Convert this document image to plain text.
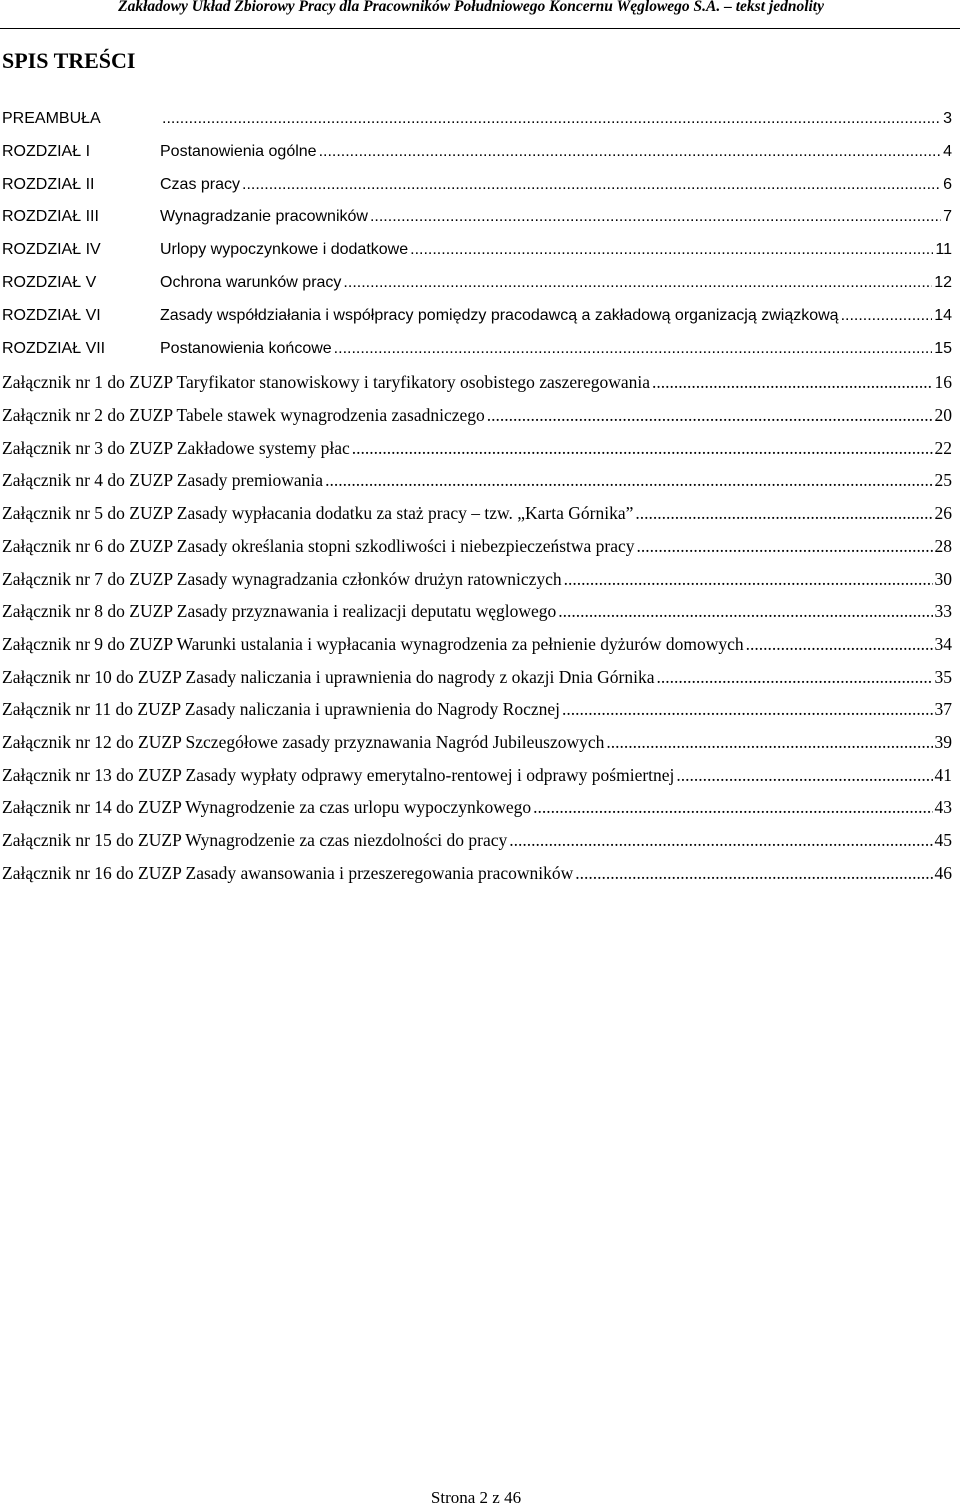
Zakładowy Układ Zbiorowy Pracy dla Pracowników Południowego Koncernu Węglowego S.A. – tekst jednolity
SPIS TREŚCI
PREAMBUŁA .....	3
ROZDZIAŁ I	Postanowienia ogólne .....	4
ROZDZIAŁ II	Czas pracy .....	6
ROZDZIAŁ III	Wynagradzanie pracowników .....	7
ROZDZIAŁ IV	Urlopy wypoczynkowe i dodatkowe .....	11
ROZDZIAŁ V	Ochrona warunków pracy .....	12
ROZDZIAŁ VI	Zasady współdziałania i współpracy pomiędzy pracodawcą a zakładową organizacją związkową .....	14
ROZDZIAŁ VII	Postanowienia końcowe .....	15
Załącznik nr 1 do ZUZP Taryfikator stanowiskowy i taryfikatory osobistego zaszeregowania .....	16
Załącznik nr 2 do ZUZP Tabele stawek wynagrodzenia zasadniczego .....	20
Załącznik nr 3 do ZUZP Zakładowe systemy płac .....	22
Załącznik nr 4 do ZUZP Zasady premiowania .....	25
Załącznik nr 5 do ZUZP Zasady wypłacania dodatku za staż pracy – tzw. „Karta Górnika” .....	26
Załącznik nr 6 do ZUZP Zasady określania stopni szkodliwości i niebezpieczeństwa pracy .....	28
Załącznik nr 7 do ZUZP Zasady wynagradzania członków drużyn ratowniczych .....	30
Załącznik nr 8 do ZUZP Zasady przyznawania i realizacji deputatu węglowego .....	33
Załącznik nr 9 do ZUZP Warunki ustalania i wypłacania wynagrodzenia za pełnienie dyżurów domowych .....	34
Załącznik nr 10 do ZUZP Zasady naliczania i uprawnienia do nagrody z okazji Dnia Górnika .....	35
Załącznik nr 11 do ZUZP Zasady naliczania i uprawnienia do Nagrody Rocznej .....	37
Załącznik nr 12 do ZUZP Szczegółowe zasady przyznawania Nagród Jubileuszowych .....	39
Załącznik nr 13 do ZUZP Zasady wypłaty odprawy emerytalno-rentowej i odprawy pośmiertnej .....	41
Załącznik nr 14 do ZUZP Wynagrodzenie za czas urlopu wypoczynkowego .....	43
Załącznik nr 15 do ZUZP Wynagrodzenie za czas niezdolności do pracy .....	45
Załącznik nr 16 do ZUZP Zasady awansowania i przeszeregowania pracowników .....	46
Strona 2 z 46
